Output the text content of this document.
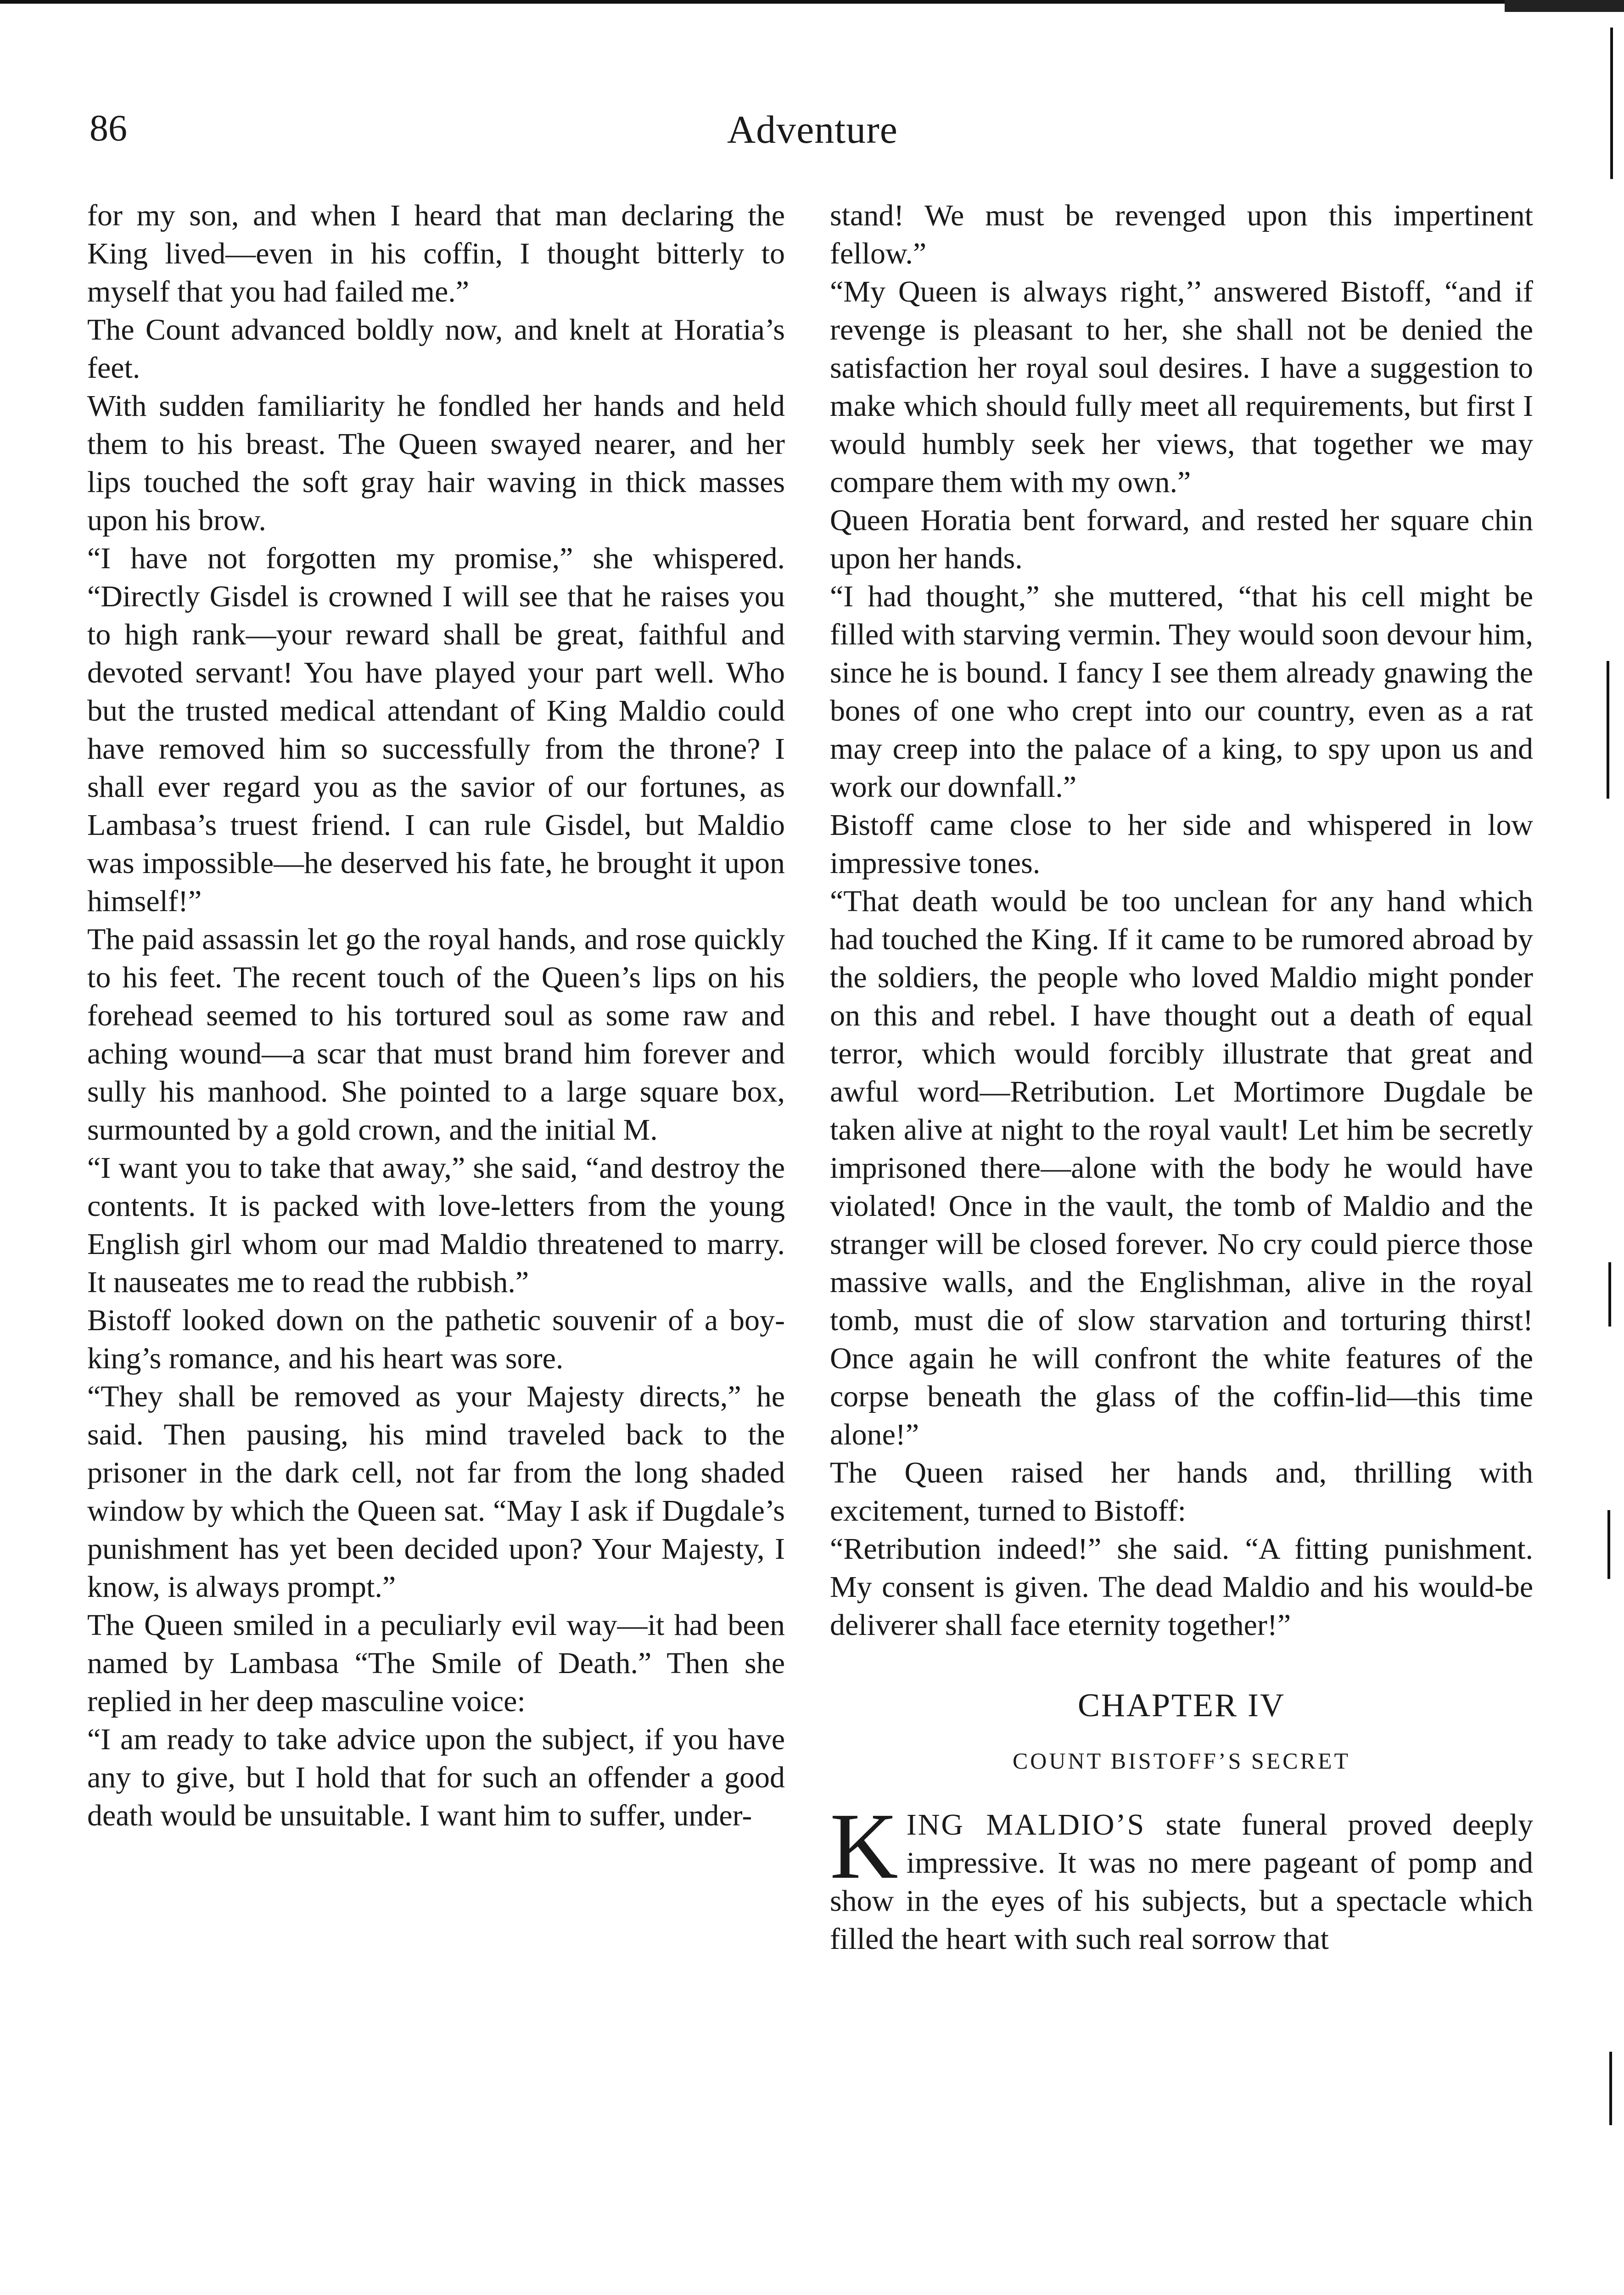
86	Adventure

for my son, and when I heard that man declaring the King lived—even in his coffin, I thought bitterly to myself that you had failed me.”

The Count advanced boldly now, and knelt at Horatia’s feet.

With sudden familiarity he fondled her hands and held them to his breast. The Queen swayed nearer, and her lips touched the soft gray hair waving in thick masses upon his brow.

“I have not forgotten my promise,” she whispered. “Directly Gisdel is crowned I will see that he raises you to high rank—your reward shall be great, faithful and devoted servant! You have played your part well. Who but the trusted medical attendant of King Maldio could have removed him so successfully from the throne? I shall ever regard you as the savior of our fortunes, as Lambasa’s truest friend. I can rule Gisdel, but Maldio was impossible—he deserved his fate, he brought it upon himself!”

The paid assassin let go the royal hands, and rose quickly to his feet. The recent touch of the Queen’s lips on his forehead seemed to his tortured soul as some raw and aching wound—a scar that must brand him forever and sully his manhood. She pointed to a large square box, surmounted by a gold crown, and the initial M.

“I want you to take that away,” she said, “and destroy the contents. It is packed with love-letters from the young English girl whom our mad Maldio threatened to marry. It nauseates me to read the rubbish.”

Bistoff looked down on the pathetic souvenir of a boy-king’s romance, and his heart was sore.

“They shall be removed as your Majesty directs,” he said. Then pausing, his mind traveled back to the prisoner in the dark cell, not far from the long shaded window by which the Queen sat. “May I ask if Dugdale’s punishment has yet been decided upon? Your Majesty, I know, is always prompt.”

The Queen smiled in a peculiarly evil way—it had been named by Lambasa “The Smile of Death.” Then she replied in her deep masculine voice:

“I am ready to take advice upon the subject, if you have any to give, but I hold that for such an offender a good death would be unsuitable. I want him to suffer, under-

stand! We must be revenged upon this impertinent fellow.”

“My Queen is always right,’’ answered Bistoff, “and if revenge is pleasant to her, she shall not be denied the satisfaction her royal soul desires. I have a suggestion to make which should fully meet all requirements, but first I would humbly seek her views, that together we may compare them with my own.”

Queen Horatia bent forward, and rested her square chin upon her hands.

“I had thought,” she muttered, “that his cell might be filled with starving vermin. They would soon devour him, since he is bound. I fancy I see them already gnawing the bones of one who crept into our country, even as a rat may creep into the palace of a king, to spy upon us and work our downfall.”

Bistoff came close to her side and whispered in low impressive tones.

“That death would be too unclean for any hand which had touched the King. If it came to be rumored abroad by the soldiers, the people who loved Maldio might ponder on this and rebel. I have thought out a death of equal terror, which would forcibly illustrate that great and awful word—Retribution. Let Mortimore Dugdale be taken alive at night to the royal vault! Let him be secretly imprisoned there—alone with the body he would have violated! Once in the vault, the tomb of Maldio and the stranger will be closed forever. No cry could pierce those massive walls, and the Englishman, alive in the royal tomb, must die of slow starvation and torturing thirst! Once again he will confront the white features of the corpse beneath the glass of the coffin-lid—this time alone!”

The Queen raised her hands and, thrilling with excitement, turned to Bistoff:

“Retribution indeed!” she said. “A fitting punishment. My consent is given. The dead Maldio and his would-be deliverer shall face eternity together!”

CHAPTER IV
COUNT BISTOFF’S SECRET

KING MALDIO’S state funeral proved deeply impressive. It was no mere pageant of pomp and show in the eyes of his subjects, but a spectacle which filled the heart with such real sorrow that
